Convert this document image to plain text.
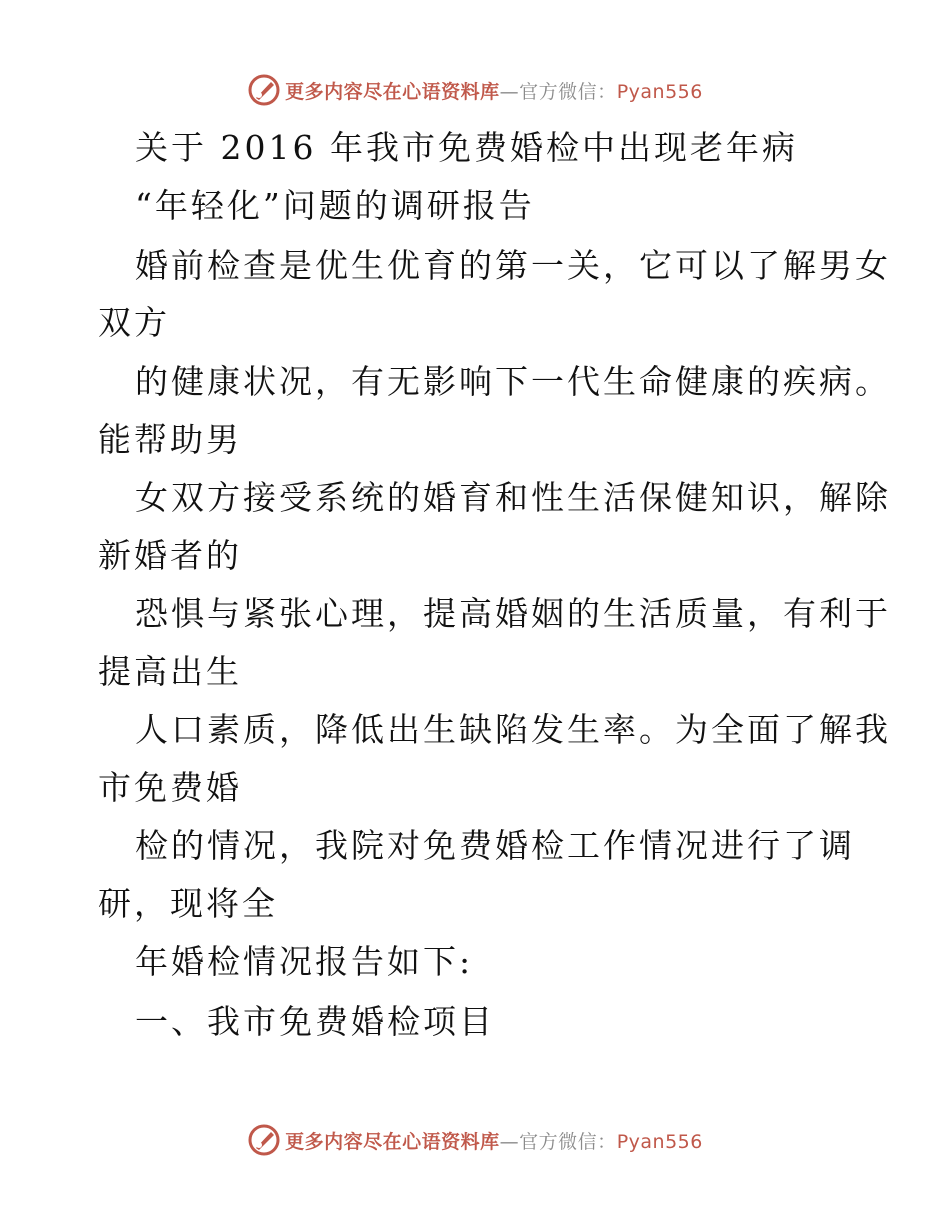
更多内容尽在心语资料库—官方微信：Pyan556
关于 2016 年我市免费婚检中出现老年病
“年轻化”问题的调研报告
婚前检查是优生优育的第一关，它可以了解男女
双方
的健康状况，有无影响下一代生命健康的疾病。
能帮助男
女双方接受系统的婚育和性生活保健知识，解除
新婚者的
恐惧与紧张心理，提高婚姻的生活质量，有利于
提高出生
人口素质，降低出生缺陷发生率。为全面了解我
市免费婚
检的情况，我院对免费婚检工作情况进行了调
研，现将全
年婚检情况报告如下:
一、我市免费婚检项目
更多内容尽在心语资料库—官方微信：Pyan556
